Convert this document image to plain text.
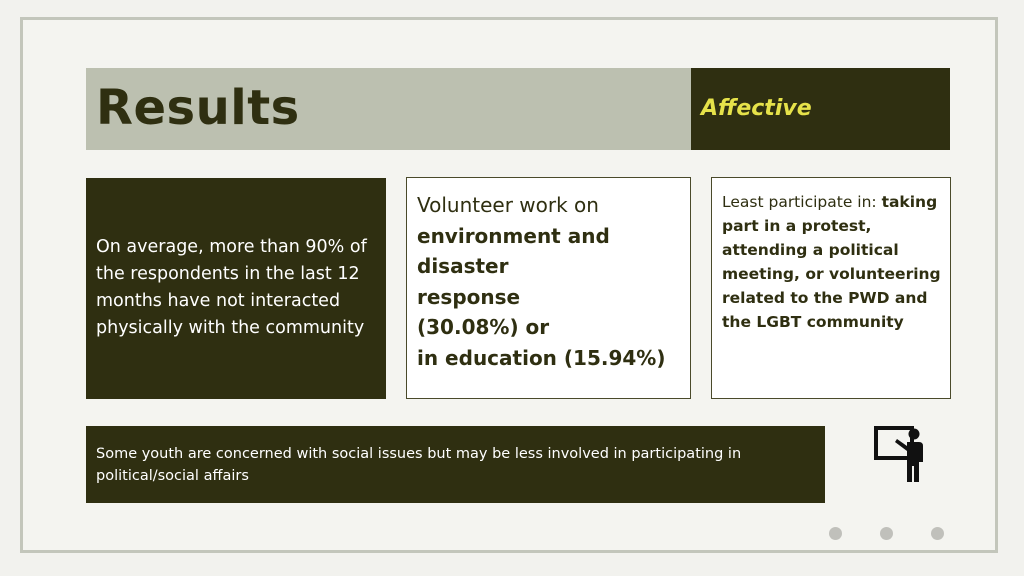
Results	Affective
On average, more than 90% of the respondents in the last 12 months have not interacted physically with the community
Volunteer work on
environment and disaster response
(30.08%) or
in education (15.94%)
Least participate in: taking part in a protest, attending a political meeting, or volunteering related to the PWD and the LGBT community
Some youth are concerned with social issues but may be less involved in participating in political/social affairs
